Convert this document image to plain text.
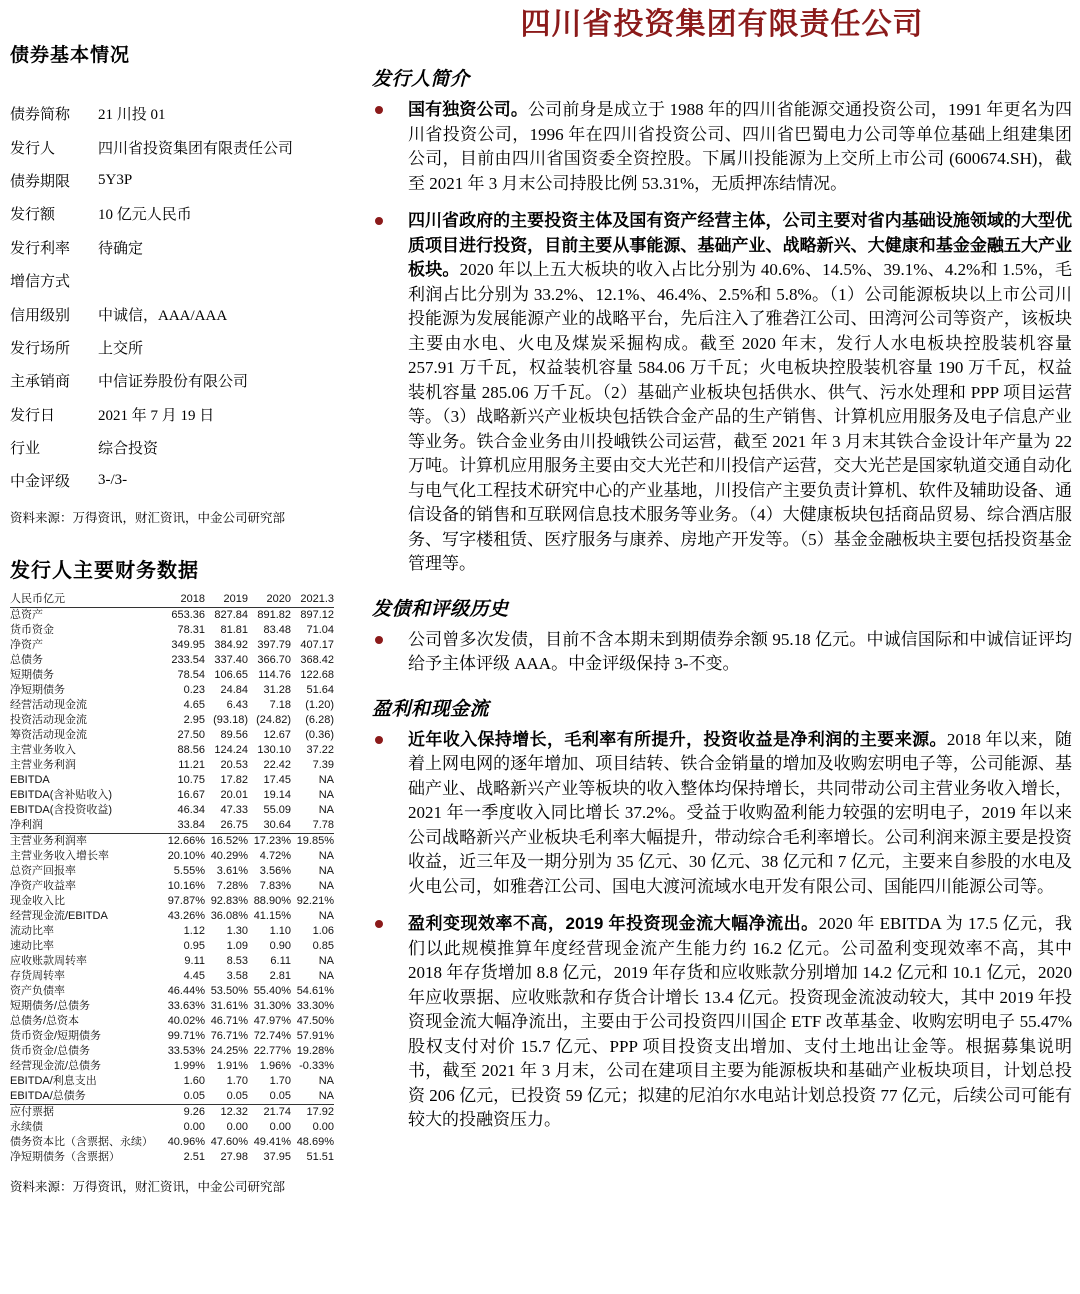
债券基本情况
债券简称	21 川投 01
发行人	四川省投资集团有限责任公司
债券期限	5Y3P
发行额	10 亿元人民币
发行利率	待确定
增信方式
信用级别	中诚信，AAA/AAA
发行场所	上交所
主承销商	中信证券股份有限公司
发行日	2021 年 7 月 19 日
行业	综合投资
中金评级	3-/3-

资料来源：万得资讯，财汇资讯，中金公司研究部

发行人主要财务数据
人民币亿元	2018	2019	2020	2021.3
总资产	653.36	827.84	891.82	897.12
货币资金	78.31	81.81	83.48	71.04
净资产	349.95	384.92	397.79	407.17
总债务	233.54	337.40	366.70	368.42
短期债务	78.54	106.65	114.76	122.68
净短期债务	0.23	24.84	31.28	51.64
经营活动现金流	4.65	6.43	7.18	(1.20)
投资活动现金流	2.95	(93.18)	(24.82)	(6.28)
筹资活动现金流	27.50	89.56	12.67	(0.36)
主营业务收入	88.56	124.24	130.10	37.22
主营业务利润	11.21	20.53	22.42	7.39
EBITDA	10.75	17.82	17.45	NA
EBITDA(含补贴收入)	16.67	20.01	19.14	NA
EBITDA(含投资收益)	46.34	47.33	55.09	NA
净利润	33.84	26.75	30.64	7.78
主营业务利润率	12.66%	16.52%	17.23%	19.85%
主营业务收入增长率	20.10%	40.29%	4.72%	NA
总资产回报率	5.55%	3.61%	3.56%	NA
净资产收益率	10.16%	7.28%	7.83%	NA
现金收入比	97.87%	92.83%	88.90%	92.21%
经营现金流/EBITDA	43.26%	36.08%	41.15%	NA
流动比率	1.12	1.30	1.10	1.06
速动比率	0.95	1.09	0.90	0.85
应收账款周转率	9.11	8.53	6.11	NA
存货周转率	4.45	3.58	2.81	NA
资产负债率	46.44%	53.50%	55.40%	54.61%
短期债务/总债务	33.63%	31.61%	31.30%	33.30%
总债务/总资本	40.02%	46.71%	47.97%	47.50%
货币资金/短期债务	99.71%	76.71%	72.74%	57.91%
货币资金/总债务	33.53%	24.25%	22.77%	19.28%
经营现金流/总债务	1.99%	1.91%	1.96%	-0.33%
EBITDA/利息支出	1.60	1.70	1.70	NA
EBITDA/总债务	0.05	0.05	0.05	NA
应付票据	9.26	12.32	21.74	17.92
永续债	0.00	0.00	0.00	0.00
债务资本比（含票据、永续）	40.96%	47.60%	49.41%	48.69%
净短期债务（含票据）	2.51	27.98	37.95	51.51

资料来源：万得资讯，财汇资讯，中金公司研究部

四川省投资集团有限责任公司
发行人简介

国有独资公司。公司前身是成立于 1988 年的四川省能源交通投资公司，1991 年更名为四川省投资公司，1996 年在四川省投资公司、四川省巴蜀电力公司等单位基础上组建集团公司，目前由四川省国资委全资控股。下属川投能源为上交所上市公司 (600674.SH)，截至 2021 年 3 月末公司持股比例 53.31%，无质押冻结情况。

四川省政府的主要投资主体及国有资产经营主体，公司主要对省内基础设施领域的大型优质项目进行投资，目前主要从事能源、基础产业、战略新兴、大健康和基金金融五大产业板块。2020 年以上五大板块的收入占比分别为 40.6%、14.5%、39.1%、4.2%和 1.5%，毛利润占比分别为 33.2%、12.1%、46.4%、2.5%和 5.8%。（1）公司能源板块以上市公司川投能源为发展能源产业的战略平台，先后注入了雅砻江公司、田湾河公司等资产，该板块主要由水电、火电及煤炭采掘构成。截至 2020 年末，发行人水电板块控股装机容量 257.91 万千瓦，权益装机容量 584.06 万千瓦；火电板块控股装机容量 190 万千瓦，权益装机容量 285.06 万千瓦。（2）基础产业板块包括供水、供气、污水处理和 PPP 项目运营等。（3）战略新兴产业板块包括铁合金产品的生产销售、计算机应用服务及电子信息产业等业务。铁合金业务由川投峨铁公司运营，截至 2021 年 3 月末其铁合金设计年产量为 22 万吨。计算机应用服务主要由交大光芒和川投信产运营，交大光芒是国家轨道交通自动化与电气化工程技术研究中心的产业基地，川投信产主要负责计算机、软件及辅助设备、通信设备的销售和互联网信息技术服务等业务。（4）大健康板块包括商品贸易、综合酒店服务、写字楼租赁、医疗服务与康养、房地产开发等。（5）基金金融板块主要包括投资基金管理等。

发债和评级历史

公司曾多次发债，目前不含本期未到期债券余额 95.18 亿元。中诚信国际和中诚信证评均给予主体评级 AAA。中金评级保持 3-不变。

盈利和现金流

近年收入保持增长，毛利率有所提升，投资收益是净利润的主要来源。2018 年以来，随着上网电网的逐年增加、项目结转、铁合金销量的增加及收购宏明电子等，公司能源、基础产业、战略新兴产业等板块的收入整体均保持增长，共同带动公司主营业务收入增长，2021 年一季度收入同比增长 37.2%。受益于收购盈利能力较强的宏明电子，2019 年以来公司战略新兴产业板块毛利率大幅提升，带动综合毛利率增长。公司利润来源主要是投资收益，近三年及一期分别为 35 亿元、30 亿元、38 亿元和 7 亿元，主要来自参股的水电及火电公司，如雅砻江公司、国电大渡河流域水电开发有限公司、国能四川能源公司等。

盈利变现效率不高，2019 年投资现金流大幅净流出。2020 年 EBITDA 为 17.5 亿元，我们以此规模推算年度经营现金流产生能力约 16.2 亿元。公司盈利变现效率不高，其中 2018 年存货增加 8.8 亿元，2019 年存货和应收账款分别增加 14.2 亿元和 10.1 亿元，2020 年应收票据、应收账款和存货合计增长 13.4 亿元。投资现金流波动较大，其中 2019 年投资现金流大幅净流出，主要由于公司投资四川国企 ETF 改革基金、收购宏明电子 55.47%股权支付对价 15.7 亿元、PPP 项目投资支出增加、支付土地出让金等。根据募集说明书，截至 2021 年 3 月末，公司在建项目主要为能源板块和基础产业板块项目，计划总投资 206 亿元，已投资 59 亿元；拟建的尼泊尔水电站计划总投资 77 亿元，后续公司可能有较大的投融资压力。
